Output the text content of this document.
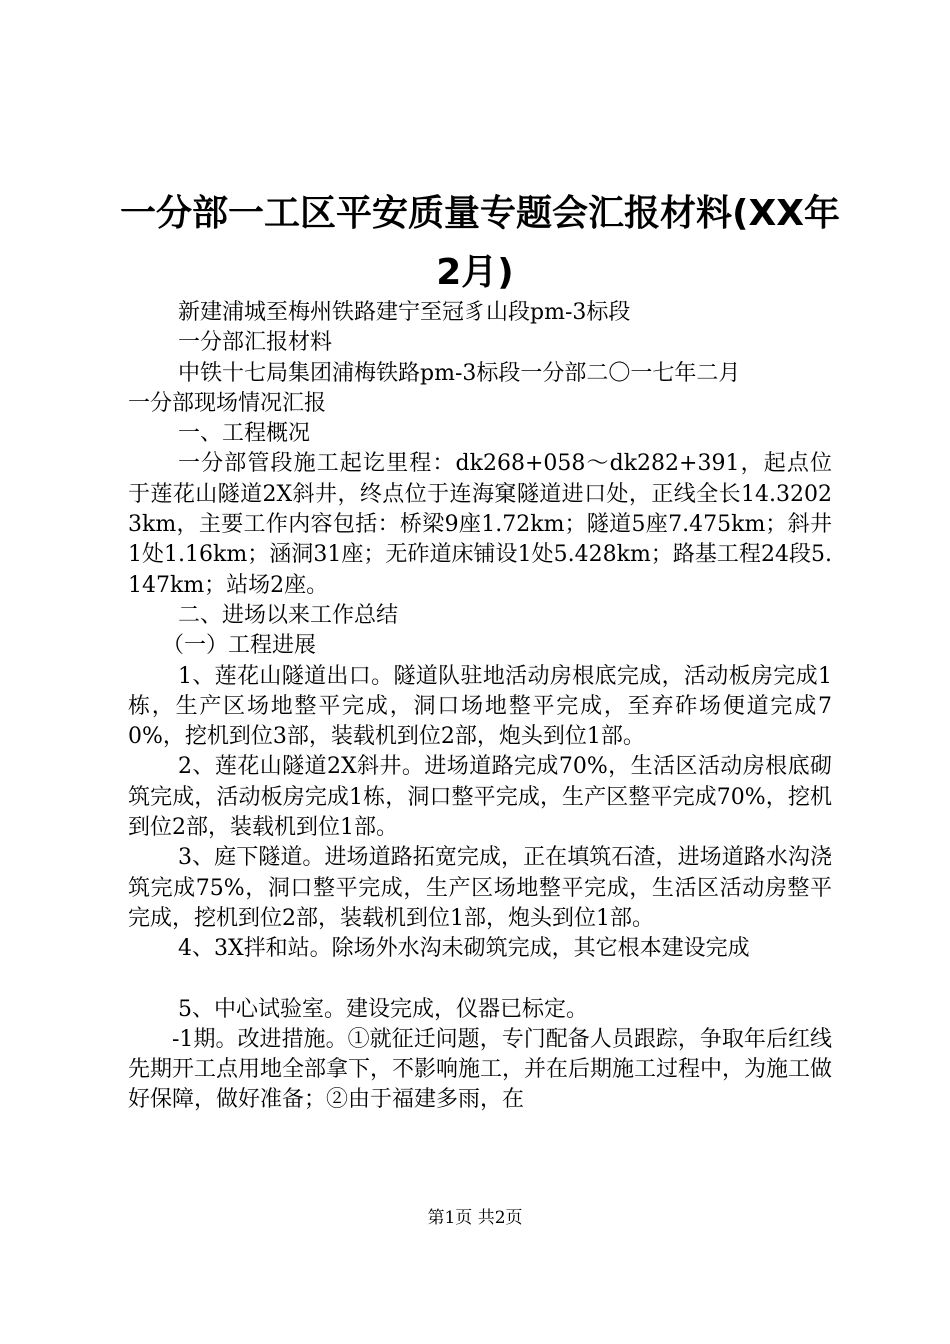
一分部一工区平安质量专题会汇报材料(XX年
2月)

新建浦城至梅州铁路建宁至冠豸山段pm-3标段

一分部汇报材料

中铁十七局集团浦梅铁路pm-3标段一分部二〇一七年二月

一分部现场情况汇报

一、工程概况

一分部管段施工起讫里程：dk268+058～dk282+391，起点位于莲花山隧道2X斜井，终点位于连海窠隧道进口处，正线全长14.32023km，主要工作内容包括：桥梁9座1.72km；隧道5座7.475km；斜井1处1.16km；涵洞31座；无砟道床铺设1处5.428km；路基工程24段5.147km；站场2座。

二、进场以来工作总结

（一）工程进展

1、莲花山隧道出口。隧道队驻地活动房根底完成，活动板房完成1栋，生产区场地整平完成，洞口场地整平完成，至弃砟场便道完成70%，挖机到位3部，装载机到位2部，炮头到位1部。

2、莲花山隧道2X斜井。进场道路完成70%，生活区活动房根底砌筑完成，活动板房完成1栋，洞口整平完成，生产区整平完成70%，挖机到位2部，装载机到位1部。

3、庭下隧道。进场道路拓宽完成，正在填筑石渣，进场道路水沟浇筑完成75%，洞口整平完成，生产区场地整平完成，生活区活动房整平完成，挖机到位2部，装载机到位1部，炮头到位1部。

4、3X拌和站。除场外水沟未砌筑完成，其它根本建设完成

5、中心试验室。建设完成，仪器已标定。

-1期。改进措施。①就征迁问题，专门配备人员跟踪，争取年后红线先期开工点用地全部拿下，不影响施工，并在后期施工过程中，为施工做好保障，做好准备；②由于福建多雨，在

第1页 共2页
